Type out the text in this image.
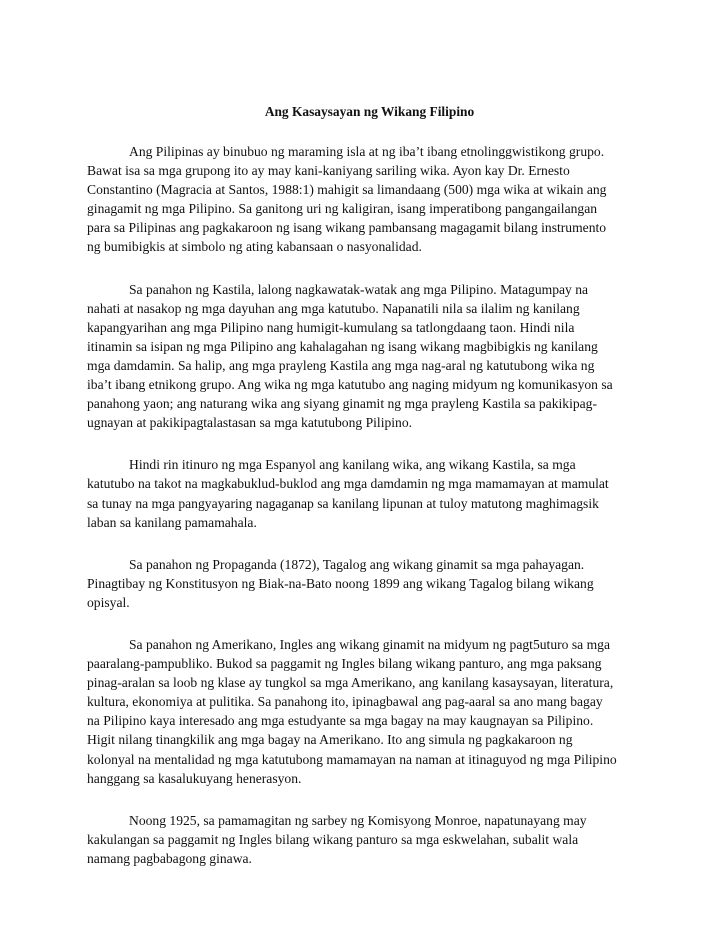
Ang Kasaysayan ng Wikang Filipino
Ang Pilipinas ay binubuo ng maraming isla at ng iba’t ibang etnolinggwistikong grupo.
Bawat isa sa mga grupong ito ay may kani-kaniyang sariling wika. Ayon kay Dr. Ernesto
Constantino (Magracia at Santos, 1988:1) mahigit sa limandaang (500) mga wika at wikain ang
ginagamit ng mga Pilipino. Sa ganitong uri ng kaligiran, isang imperatibong pangangailangan
para sa Pilipinas ang pagkakaroon ng isang wikang pambansang magagamit bilang instrumento
ng bumibigkis at simbolo ng ating kabansaan o nasyonalidad.
Sa panahon ng Kastila, lalong nagkawatak-watak ang mga Pilipino. Matagumpay na
nahati at nasakop ng mga dayuhan ang mga katutubo. Napanatili nila sa ilalim ng kanilang
kapangyarihan ang mga Pilipino nang humigit-kumulang sa tatlongdaang taon. Hindi nila
itinamin sa isipan ng mga Pilipino ang kahalagahan ng isang wikang magbibigkis ng kanilang
mga damdamin. Sa halip, ang mga prayleng Kastila ang mga nag-aral ng katutubong wika ng
iba’t ibang etnikong grupo. Ang wika ng mga katutubo ang naging midyum ng komunikasyon sa
panahong yaon; ang naturang wika ang siyang ginamit ng mga prayleng Kastila sa pakikipag-
ugnayan at pakikipagtalastasan sa mga katutubong Pilipino.
Hindi rin itinuro ng mga Espanyol ang kanilang wika, ang wikang Kastila, sa mga
katutubo na takot na magkabuklud-buklod ang mga damdamin ng mga mamamayan at mamulat
sa tunay na mga pangyayaring nagaganap sa kanilang lipunan at tuloy matutong maghimagsik
laban sa kanilang pamamahala.
Sa panahon ng Propaganda (1872), Tagalog ang wikang ginamit sa mga pahayagan.
Pinagtibay ng Konstitusyon ng Biak-na-Bato noong 1899 ang wikang Tagalog bilang wikang
opisyal.
Sa panahon ng Amerikano, Ingles ang wikang ginamit na midyum ng pagt5uturo sa mga
paaralang-pampubliko. Bukod sa paggamit ng Ingles bilang wikang panturo, ang mga paksang
pinag-aralan sa loob ng klase ay tungkol sa mga Amerikano, ang kanilang kasaysayan, literatura,
kultura, ekonomiya at pulitika. Sa panahong ito, ipinagbawal ang pag-aaral sa ano mang bagay
na Pilipino kaya interesado ang mga estudyante sa mga bagay na may kaugnayan sa Pilipino.
Higit nilang tinangkilik ang mga bagay na Amerikano. Ito ang simula ng pagkakaroon ng
kolonyal na mentalidad ng mga katutubong mamamayan na naman at itinaguyod ng mga Pilipino
hanggang sa kasalukuyang henerasyon.
Noong 1925, sa pamamagitan ng sarbey ng Komisyong Monroe, napatunayang may
kakulangan sa paggamit ng Ingles bilang wikang panturo sa mga eskwelahan, subalit wala
namang pagbabagong ginawa.
